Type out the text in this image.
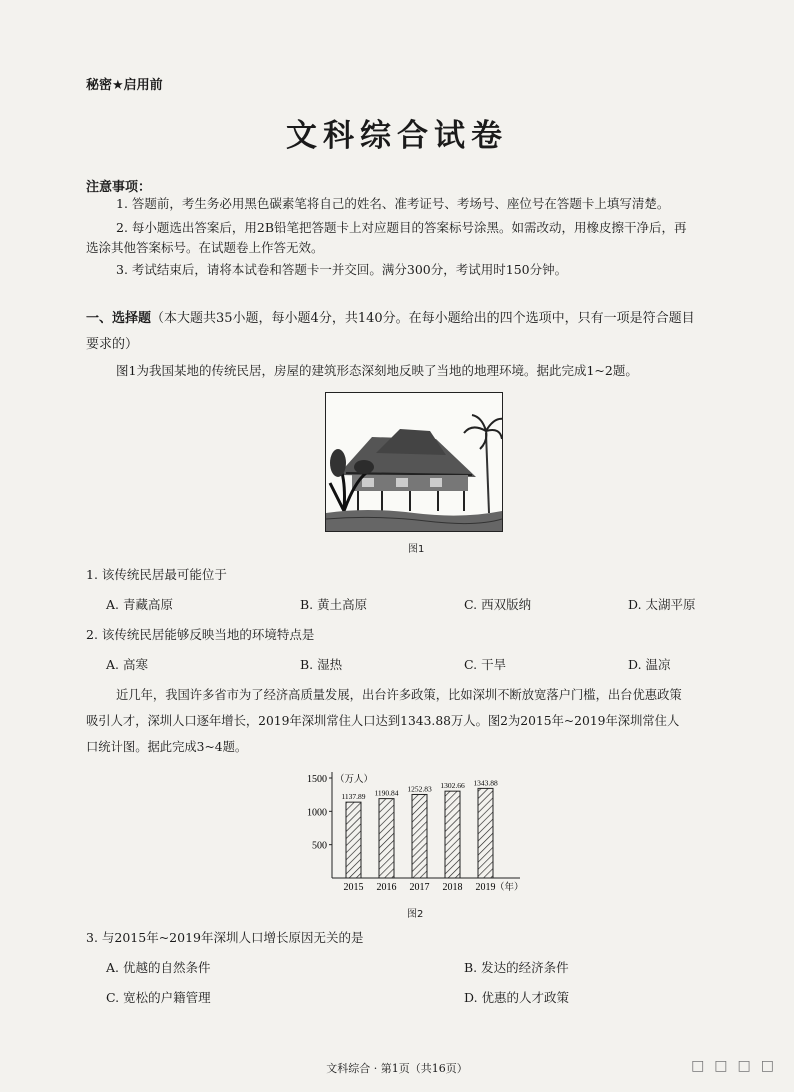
秘密★启用前
文科综合试卷
注意事项：
1. 答题前，考生务必用黑色碳素笔将自己的姓名、准考证号、考场号、座位号在答题卡上填写清楚。
2. 每小题选出答案后，用2B铅笔把答题卡上对应题目的答案标号涂黑。如需改动，用橡皮擦干净后，再
选涂其他答案标号。在试题卷上作答无效。
3. 考试结束后，请将本试卷和答题卡一并交回。满分300分，考试用时150分钟。
一、选择题（本大题共35小题，每小题4分，共140分。在每小题给出的四个选项中，只有一项是符合题目要求的）
图1为我国某地的传统民居，房屋的建筑形态深刻地反映了当地的地理环境。据此完成1~2题。
图1
1. 该传统民居最可能位于
A. 青藏高原	B. 黄土高原	C. 西双版纳	D. 太湖平原
2. 该传统民居能够反映当地的环境特点是
A. 高寒	B. 湿热	C. 干旱	D. 温凉
近几年，我国许多省市为了经济高质量发展，出台许多政策，比如深圳不断放宽落户门槛，出台优惠政策
吸引人才，深圳人口逐年增长，2019年深圳常住人口达到1343.88万人。图2为2015年~2019年深圳常住人
口统计图。据此完成3~4题。
500
1000
1500 （万人）
1137.89
2015
1190.84
2016
1252.83
2017
1302.66
2018
1343.88
2019 （年）
图2
3. 与2015年~2019年深圳人口增长原因无关的是
A. 优越的自然条件	B. 发达的经济条件
C. 宽松的户籍管理	D. 优惠的人才政策
文科综合 · 第1页（共16页）	□□□□
